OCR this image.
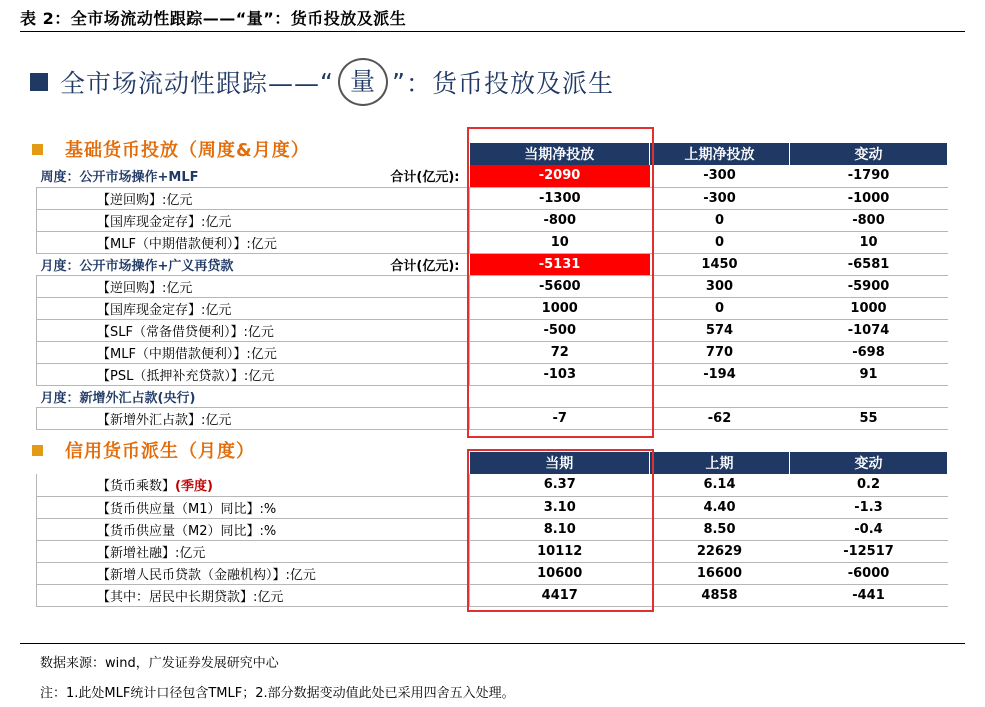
表 2：全市场流动性跟踪——“量”：货币投放及派生
全市场流动性跟踪—— “ 量 ” ：货币投放及派生
基础货币投放（周度&月度）
		当期净投放	上期净投放	变动

周度：公开市场操作+MLF 合计(亿元):	-2090	-300	-1790
【逆回购】:亿元	-1300	-300	-1000
【国库现金定存】:亿元	-800	0	-800
【MLF（中期借款便利）】:亿元	10	0	10

月度：公开市场操作+广义再贷款 合计(亿元):	-5131	1450	-6581
【逆回购】:亿元	-5600	300	-5900
【国库现金定存】:亿元	1000	0	1000
【SLF（常备借贷便利）】:亿元	-500	574	-1074
【MLF（中期借款便利）】:亿元	72	770	-698
【PSL（抵押补充贷款）】:亿元	-103	-194	91

月度：新增外汇占款(央行)			

【新增外汇占款】:亿元	-7	-62	55
信用货币派生（月度）
	当期	上期	变动
【货币乘数】(季度)	6.37	6.14	0.2
【货币供应量（M1）同比】:%	3.10	4.40	-1.3
【货币供应量（M2）同比】:%	8.10	8.50	-0.4
【新增社融】:亿元	10112	22629	-12517
【新增人民币贷款（金融机构）】:亿元	10600	16600	-6000
【其中：居民中长期贷款】:亿元	4417	4858	-441
数据来源：wind，广发证券发展研究中心
注：1.此处MLF统计口径包含TMLF；2.部分数据变动值此处已采用四舍五入处理。
